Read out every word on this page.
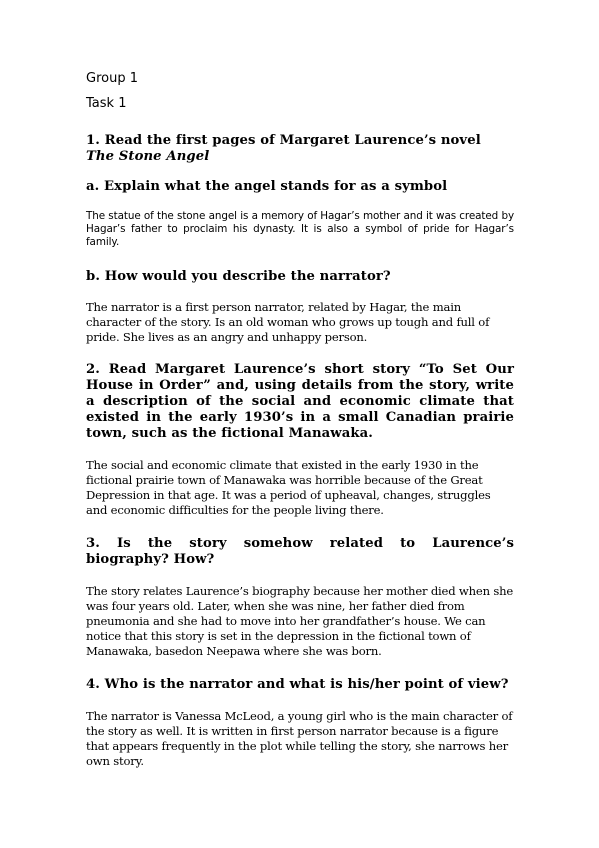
Group 1

Task 1

1. Read the first pages of Margaret Laurence’s novel
The Stone Angel

a. Explain what the angel stands for as a symbol

The statue of the stone angel is a memory of Hagar’s mother and it was created by Hagar’s father to proclaim his dynasty. It is also a symbol of pride for Hagar’s family.

b. How would you describe the narrator?

The narrator is a first person narrator, related by Hagar, the main character of the story. Is an old woman who grows up tough and full of pride. She lives as an angry and unhappy person.

2. Read Margaret Laurence’s short story “To Set Our House in Order” and, using details from the story, write a description of the social and economic climate that existed in the early 1930’s in a small Canadian prairie town, such as the fictional Manawaka.

The social and economic climate that existed in the early 1930 in the fictional prairie town of Manawaka was horrible because of the Great Depression in that age. It was a period of upheaval, changes, struggles and economic difficulties for the people living there.

3. Is the story somehow related to Laurence’s biography? How?

The story relates Laurence’s biography because her mother died when she was four years old. Later, when she was nine, her father died from pneumonia and she had to move into her grandfather’s house. We can notice that this story is set in the depression in the fictional town of Manawaka, basedon Neepawa where she was born.

4. Who is the narrator and what is his/her point of view?

The narrator is Vanessa McLeod, a young girl who is the main character of the story as well. It is written in first person narrator because is a figure that appears frequently in the plot while telling the story, she narrows her own story.
